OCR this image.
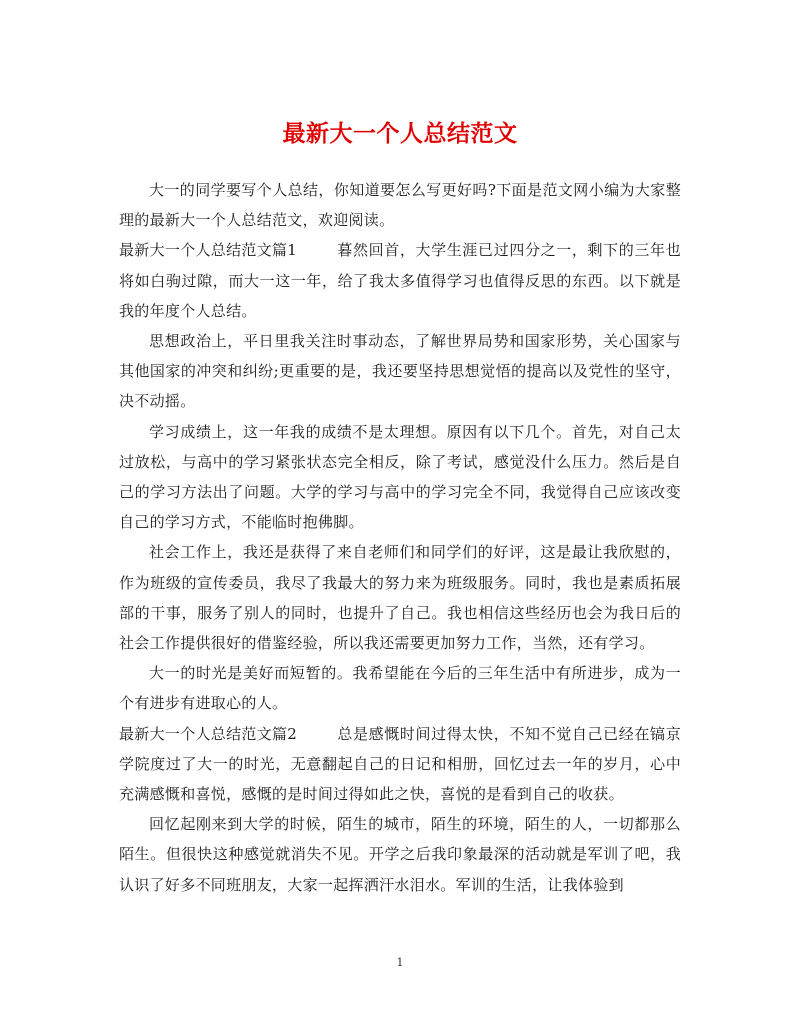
最新大一个人总结范文

大一的同学要写个人总结，你知道要怎么写更好吗?下面是范文网小编为大家整理的最新大一个人总结范文，欢迎阅读。

最新大一个人总结范文篇1	暮然回首，大学生涯已过四分之一，剩下的三年也将如白驹过隙，而大一这一年，给了我太多值得学习也值得反思的东西。以下就是我的年度个人总结。

思想政治上，平日里我关注时事动态，了解世界局势和国家形势，关心国家与其他国家的冲突和纠纷;更重要的是，我还要坚持思想觉悟的提高以及党性的坚守，决不动摇。

学习成绩上，这一年我的成绩不是太理想。原因有以下几个。首先，对自己太过放松，与高中的学习紧张状态完全相反，除了考试，感觉没什么压力。然后是自己的学习方法出了问题。大学的学习与高中的学习完全不同，我觉得自己应该改变自己的学习方式，不能临时抱佛脚。

社会工作上，我还是获得了来自老师们和同学们的好评，这是最让我欣慰的，作为班级的宣传委员，我尽了我最大的努力来为班级服务。同时，我也是素质拓展部的干事，服务了别人的同时，也提升了自己。我也相信这些经历也会为我日后的社会工作提供很好的借鉴经验，所以我还需要更加努力工作，当然，还有学习。

大一的时光是美好而短暂的。我希望能在今后的三年生活中有所进步，成为一个有进步有进取心的人。

最新大一个人总结范文篇2	总是感慨时间过得太快，不知不觉自己已经在镐京学院度过了大一的时光，无意翻起自己的日记和相册，回忆过去一年的岁月，心中充满感慨和喜悦，感慨的是时间过得如此之快，喜悦的是看到自己的收获。

回忆起刚来到大学的时候，陌生的城市，陌生的环境，陌生的人，一切都那么陌生。但很快这种感觉就消失不见。开学之后我印象最深的活动就是军训了吧，我认识了好多不同班朋友，大家一起挥洒汗水泪水。军训的生活，让我体验到

1
